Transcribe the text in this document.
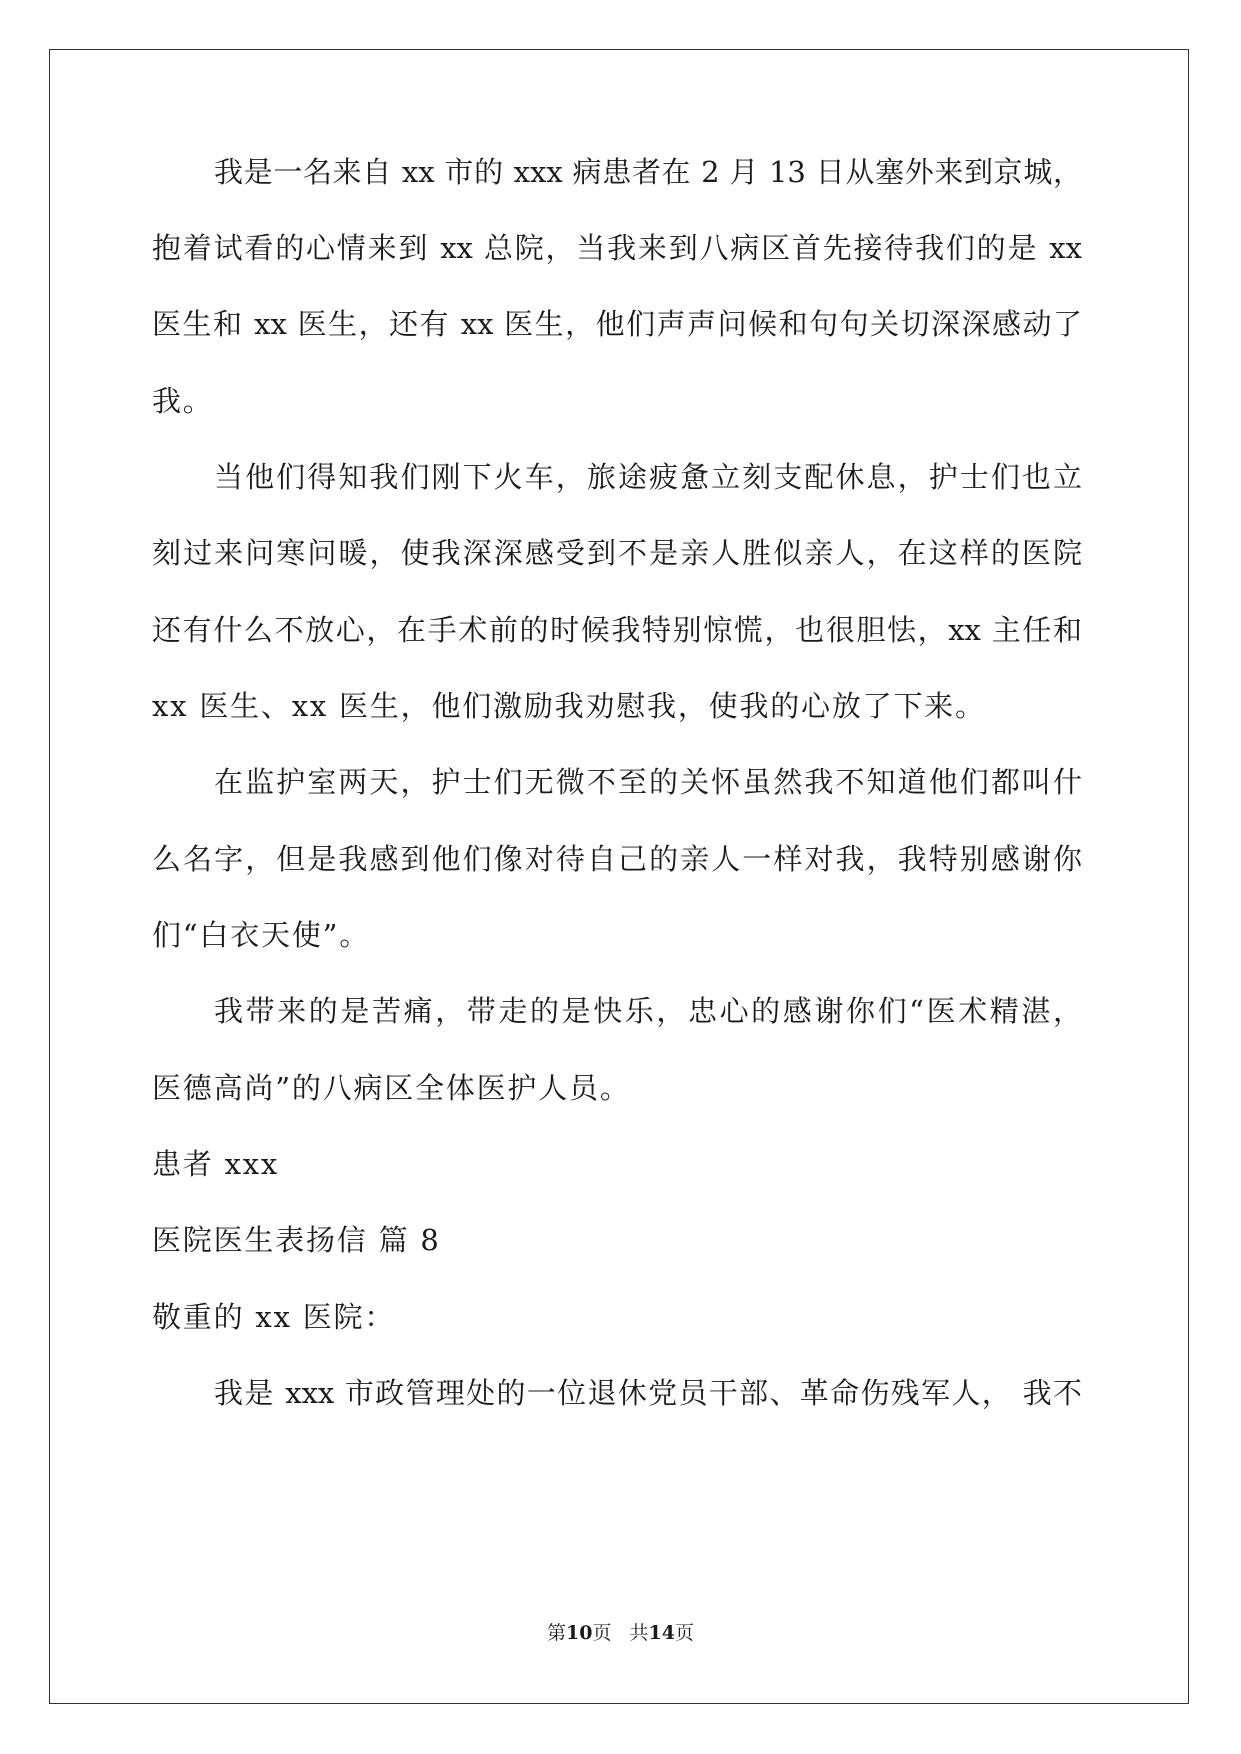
我是一名来自 xx 市的 xxx 病患者在 2 月 13 日从塞外来到京城，
抱着试看的心情来到 xx 总院，当我来到八病区首先接待我们的是 xx
医生和 xx 医生，还有 xx 医生，他们声声问候和句句关切深深感动了
我。
当他们得知我们刚下火车，旅途疲惫立刻支配休息，护士们也立
刻过来问寒问暖，使我深深感受到不是亲人胜似亲人，在这样的医院
还有什么不放心，在手术前的时候我特别惊慌，也很胆怯，xx 主任和
xx 医生、xx 医生，他们激励我劝慰我，使我的心放了下来。
在监护室两天，护士们无微不至的关怀虽然我不知道他们都叫什
么名字，但是我感到他们像对待自己的亲人一样对我，我特别感谢你
们“白衣天使”。
我带来的是苦痛，带走的是快乐，忠心的感谢你们“医术精湛，
医德高尚”的八病区全体医护人员。
患者 xxx
医院医生表扬信 篇 8
敬重的 xx 医院：
我是 xxx 市政管理处的一位退休党员干部、革命伤残军人， 我不
第10页 共14页
